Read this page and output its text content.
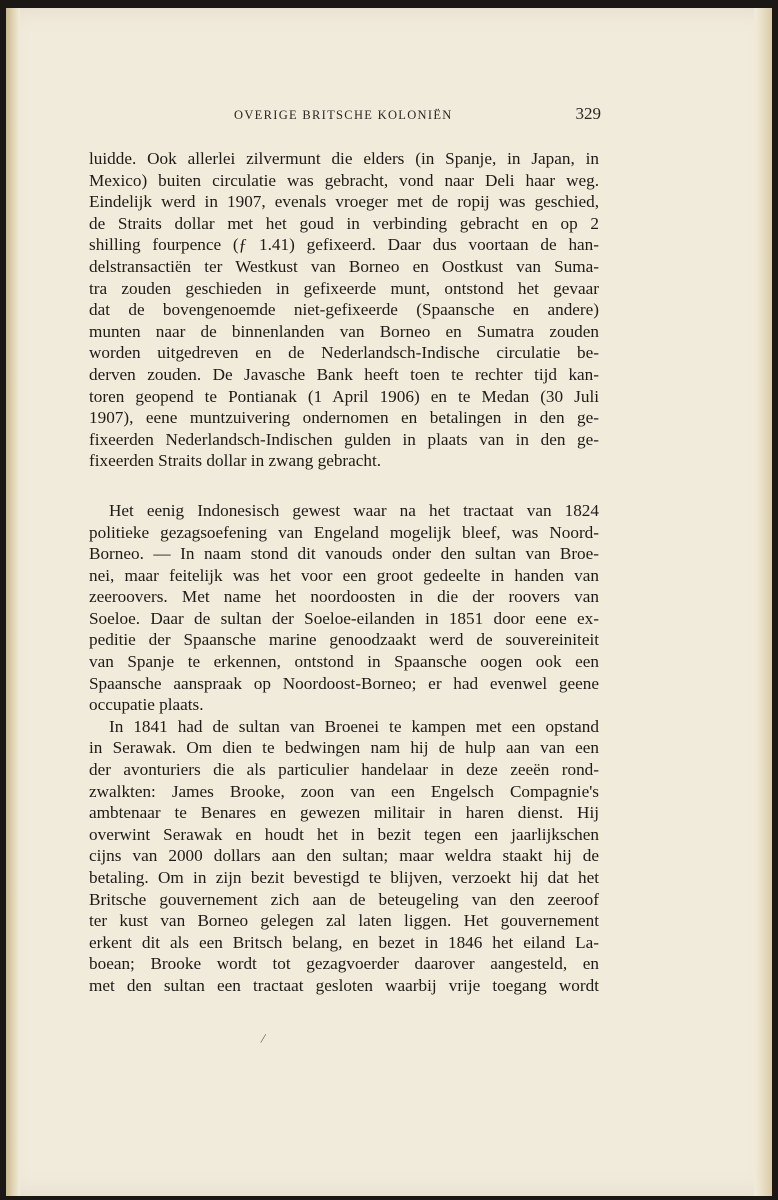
OVERIGE BRITSCHE KOLONIËN	329
luidde. Ook allerlei zilvermunt die elders (in Spanje, in Japan, in
Mexico) buiten circulatie was gebracht, vond naar Deli haar weg.
Eindelijk werd in 1907, evenals vroeger met de ropij was geschied,
de Straits dollar met het goud in verbinding gebracht en op 2
shilling fourpence (ƒ 1.41) gefixeerd. Daar dus voortaan de han-
delstransactiën ter Westkust van Borneo en Oostkust van Suma-
tra zouden geschieden in gefixeerde munt, ontstond het gevaar
dat de bovengenoemde niet-gefixeerde (Spaansche en andere)
munten naar de binnenlanden van Borneo en Sumatra zouden
worden uitgedreven en de Nederlandsch-Indische circulatie be-
derven zouden. De Javasche Bank heeft toen te rechter tijd kan-
toren geopend te Pontianak (1 April 1906) en te Medan (30 Juli
1907), eene muntzuivering ondernomen en betalingen in den ge-
fixeerden Nederlandsch-Indischen gulden in plaats van in den ge-
fixeerden Straits dollar in zwang gebracht.
Het eenig Indonesisch gewest waar na het tractaat van 1824
politieke gezagsoefening van Engeland mogelijk bleef, was Noord-
Borneo. — In naam stond dit vanouds onder den sultan van Broe-
nei, maar feitelijk was het voor een groot gedeelte in handen van
zeeroovers. Met name het noordoosten in die der roovers van
Soeloe. Daar de sultan der Soeloe-eilanden in 1851 door eene ex-
peditie der Spaansche marine genoodzaakt werd de souvereiniteit
van Spanje te erkennen, ontstond in Spaansche oogen ook een
Spaansche aanspraak op Noordoost-Borneo; er had evenwel geene
occupatie plaats.
In 1841 had de sultan van Broenei te kampen met een opstand
in Serawak. Om dien te bedwingen nam hij de hulp aan van een
der avonturiers die als particulier handelaar in deze zeeën rond-
zwalkten: James Brooke, zoon van een Engelsch Compagnie's
ambtenaar te Benares en gewezen militair in haren dienst. Hij
overwint Serawak en houdt het in bezit tegen een jaarlijkschen
cijns van 2000 dollars aan den sultan; maar weldra staakt hij de
betaling. Om in zijn bezit bevestigd te blijven, verzoekt hij dat het
Britsche gouvernement zich aan de beteugeling van den zeeroof
ter kust van Borneo gelegen zal laten liggen. Het gouvernement
erkent dit als een Britsch belang, en bezet in 1846 het eiland La-
boean; Brooke wordt tot gezagvoerder daarover aangesteld, en
met den sultan een tractaat gesloten waarbij vrije toegang wordt
/
